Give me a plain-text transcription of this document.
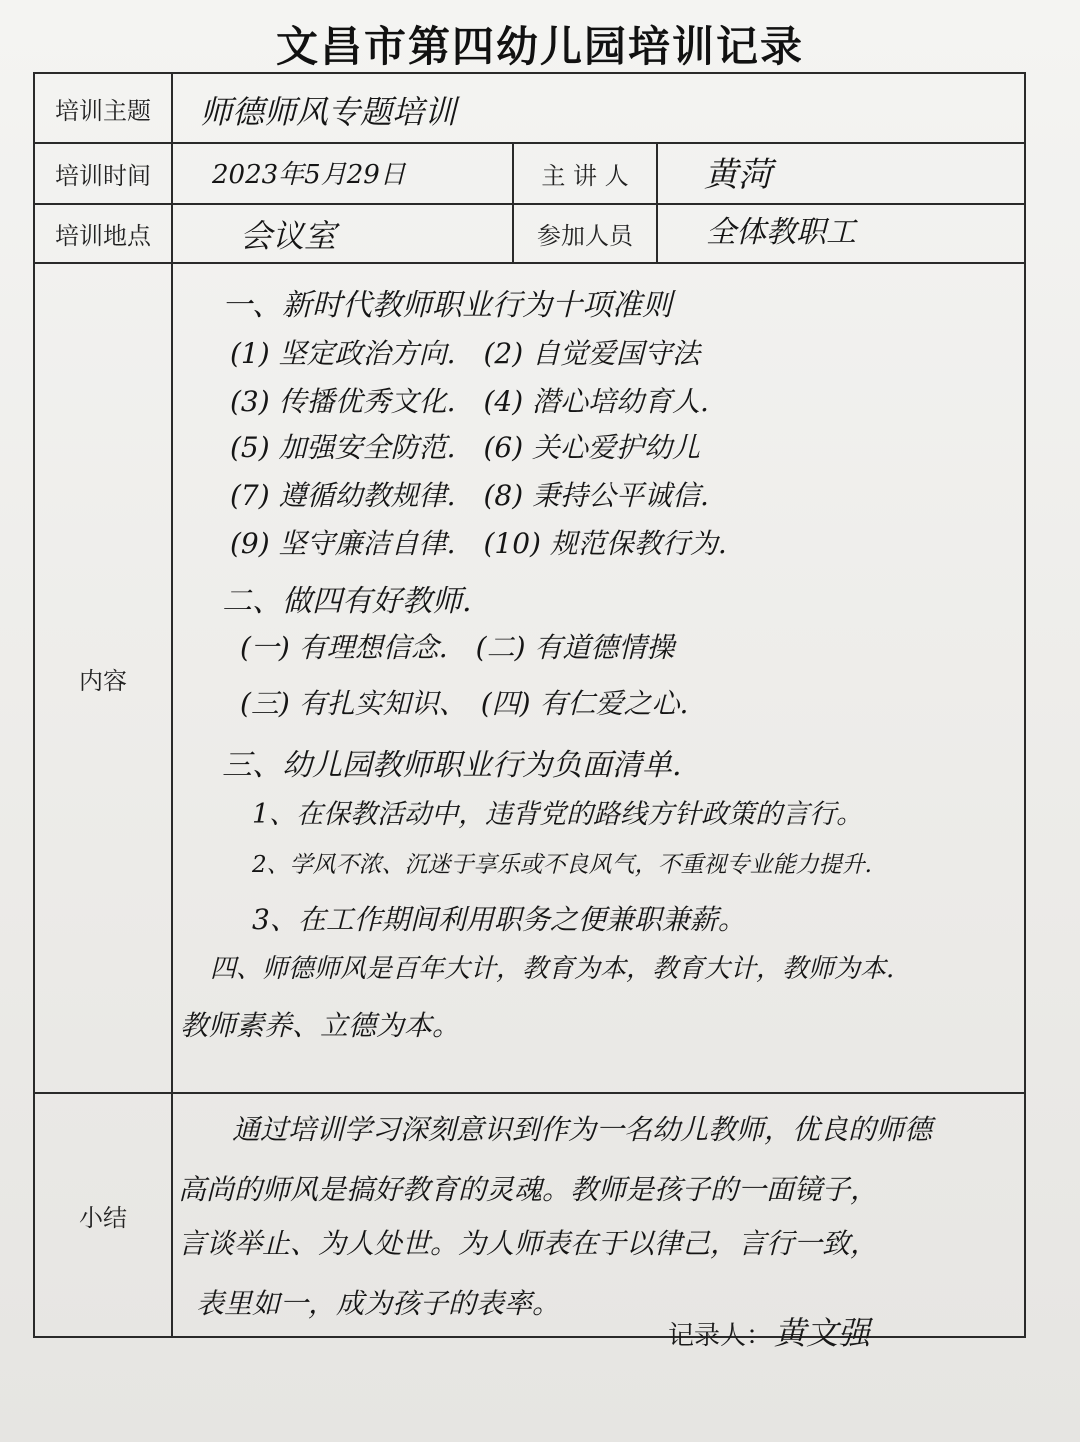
文昌市第四幼儿园培训记录
培训主题
培训时间
培训地点
主 讲 人
参加人员
内容
小结
师德师风专题培训
2023年5月29日	黄菏
会议室	全体教职工
一、新时代教师职业行为十项准则
(1) 坚定政治方向.　(2) 自觉爱国守法
(3) 传播优秀文化.　(4) 潜心培幼育人.
(5) 加强安全防范.　(6) 关心爱护幼儿
(7) 遵循幼教规律.　(8) 秉持公平诚信.
(9) 坚守廉洁自律.　(10) 规范保教行为.
二、做四有好教师.
(一) 有理想信念.　(二) 有道德情操
(三) 有扎实知识、　(四) 有仁爱之心.
三、幼儿园教师职业行为负面清单.
1、在保教活动中，违背党的路线方针政策的言行。
2、学风不浓、沉迷于享乐或不良风气，不重视专业能力提升.
3、在工作期间利用职务之便兼职兼薪。
四、师德师风是百年大计，教育为本，教育大计，教师为本.
教师素养、立德为本。
通过培训学习深刻意识到作为一名幼儿教师，优良的师德
高尚的师风是搞好教育的灵魂。教师是孩子的一面镜子，
言谈举止、为人处世。为人师表在于以律己，言行一致，
表里如一，成为孩子的表率。
记录人：黄文强
